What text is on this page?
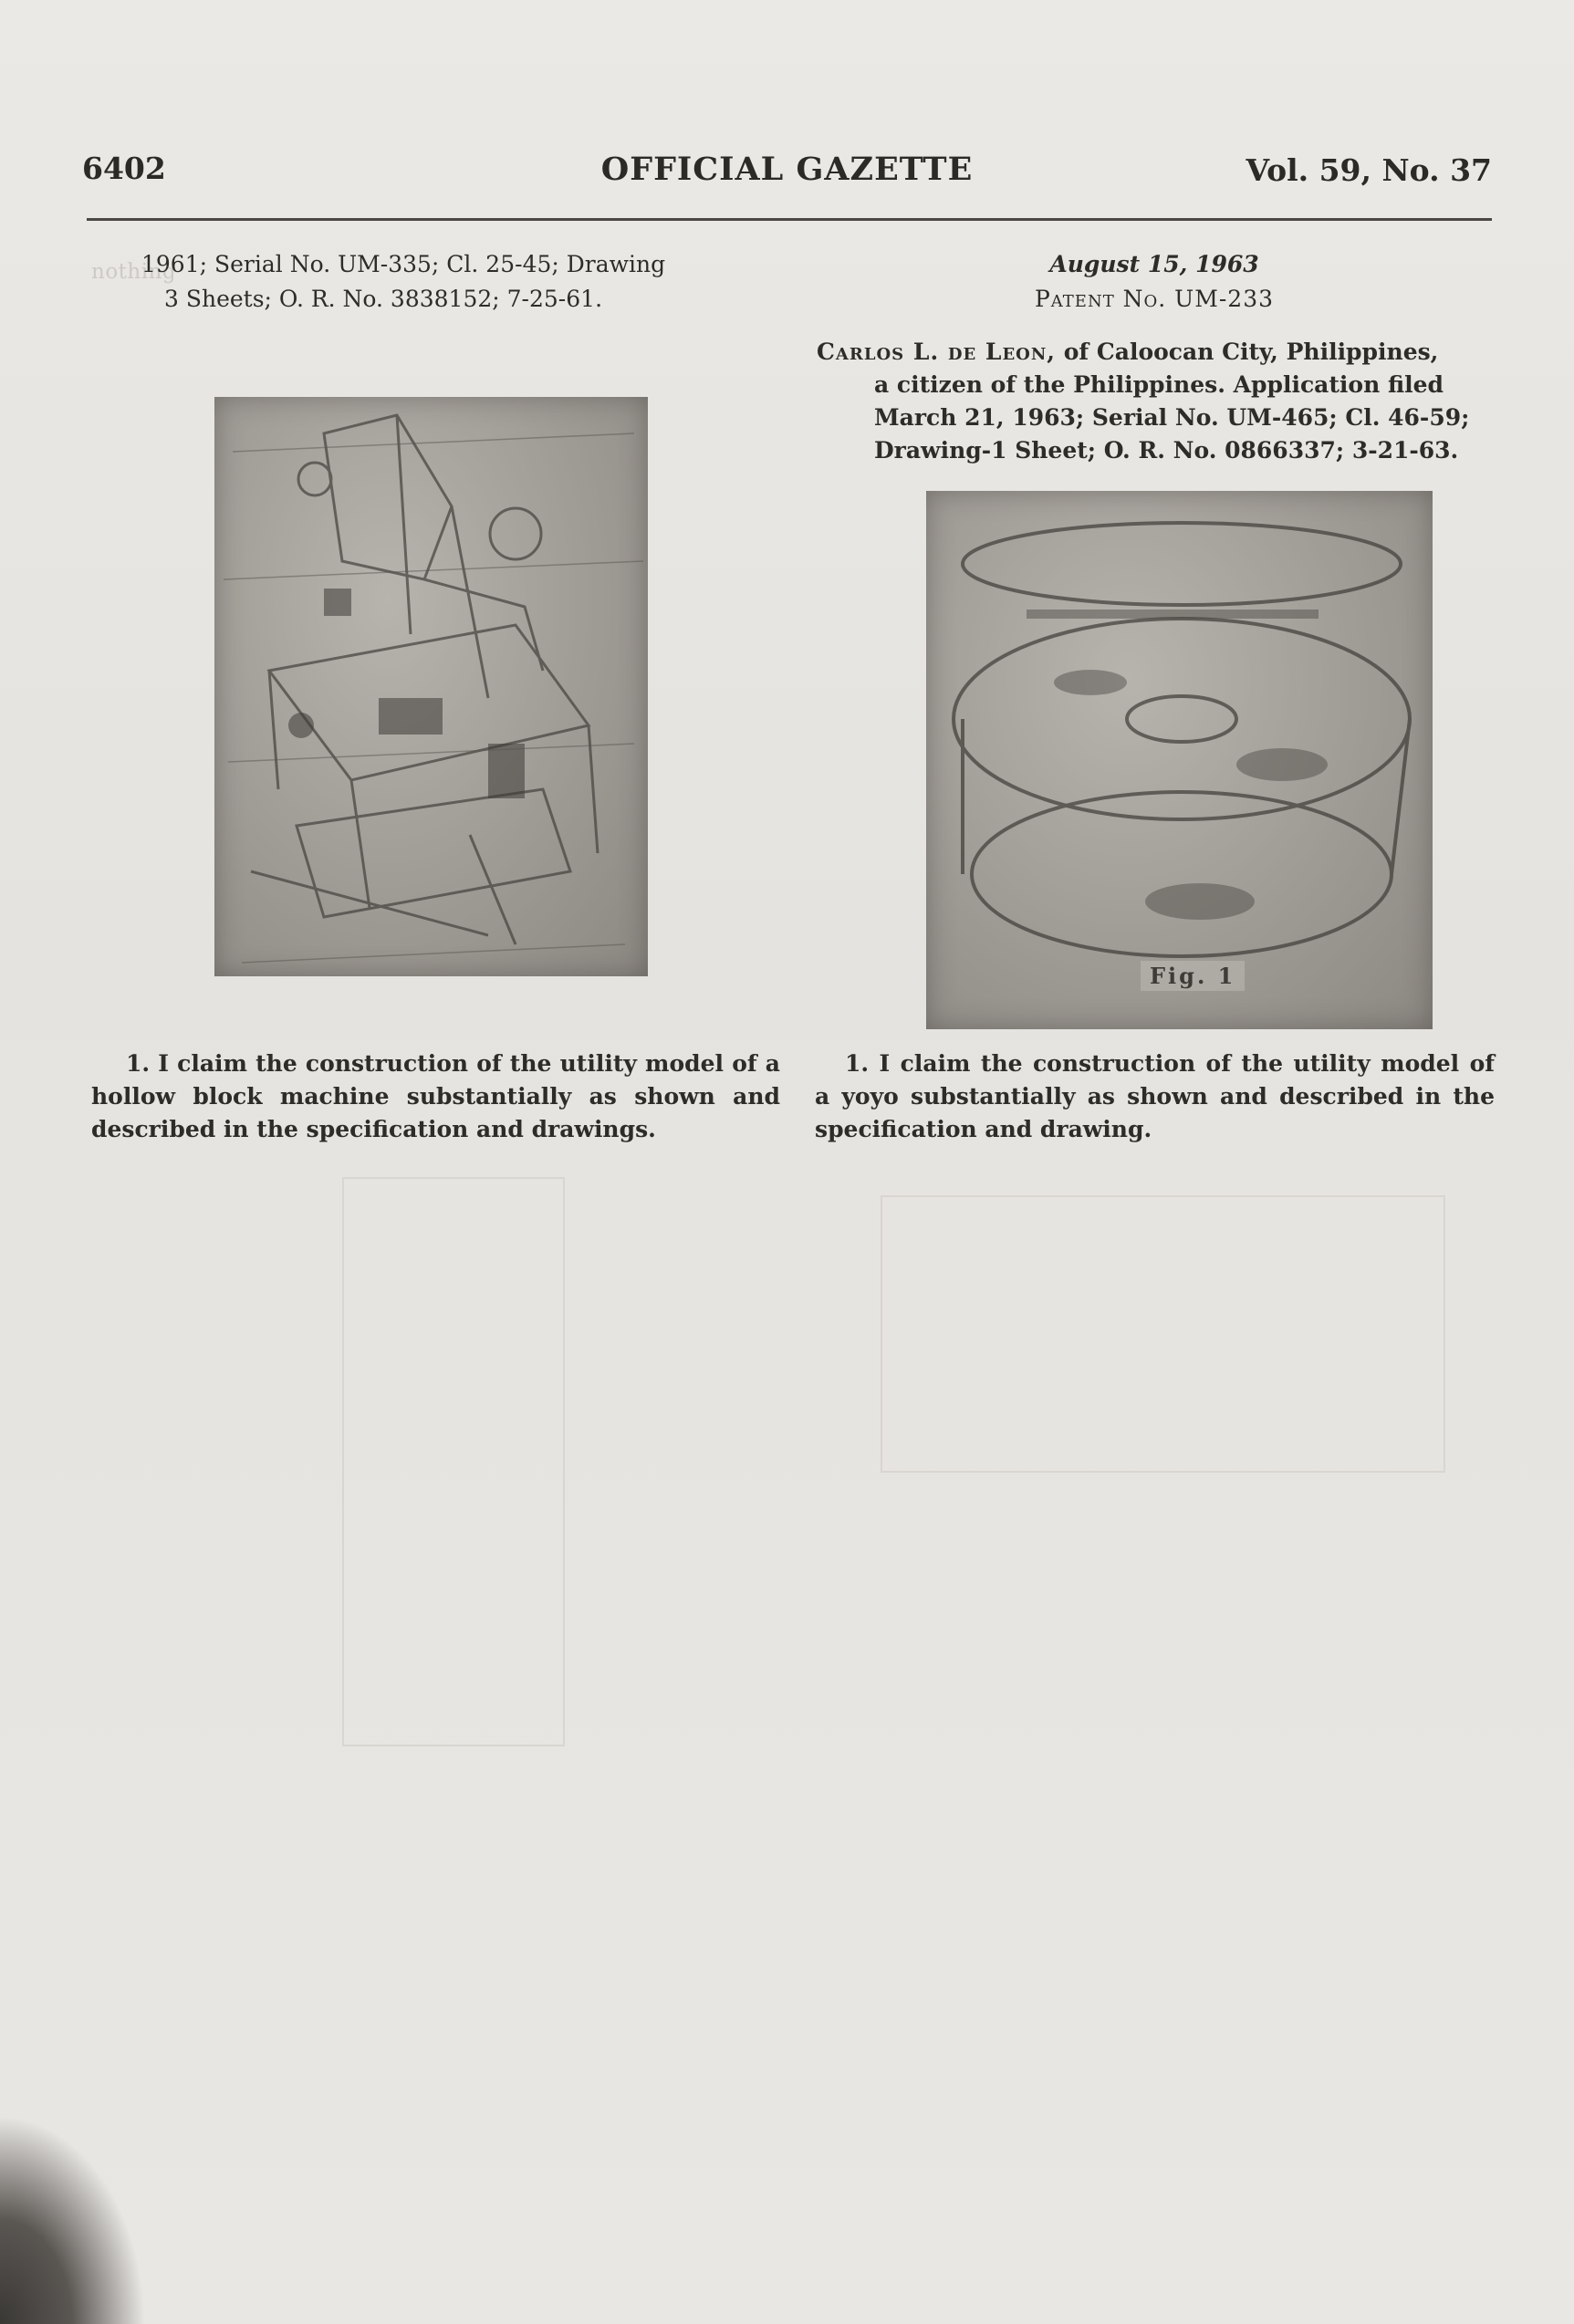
nothing

6402	OFFICIAL GAZETTE	Vol. 59, No. 37
1961; Serial No. UM-335; Cl. 25-45; Drawing
3 Sheets; O. R. No. 3838152; 7-25-61.
1. I claim the construction of the utility model of a hollow block machine substantially as shown and described in the specification and drawings.
August 15, 1963
Patent No. UM-233
Carlos L. de Leon, of Caloocan City, Philippines,
a citizen of the Philippines. Application filed
March 21, 1963; Serial No. UM-465; Cl. 46-59;
Drawing-1 Sheet; O. R. No. 0866337; 3-21-63.
Fig. 1
1. I claim the construction of the utility model of a yoyo substantially as shown and described in the specification and drawing.
